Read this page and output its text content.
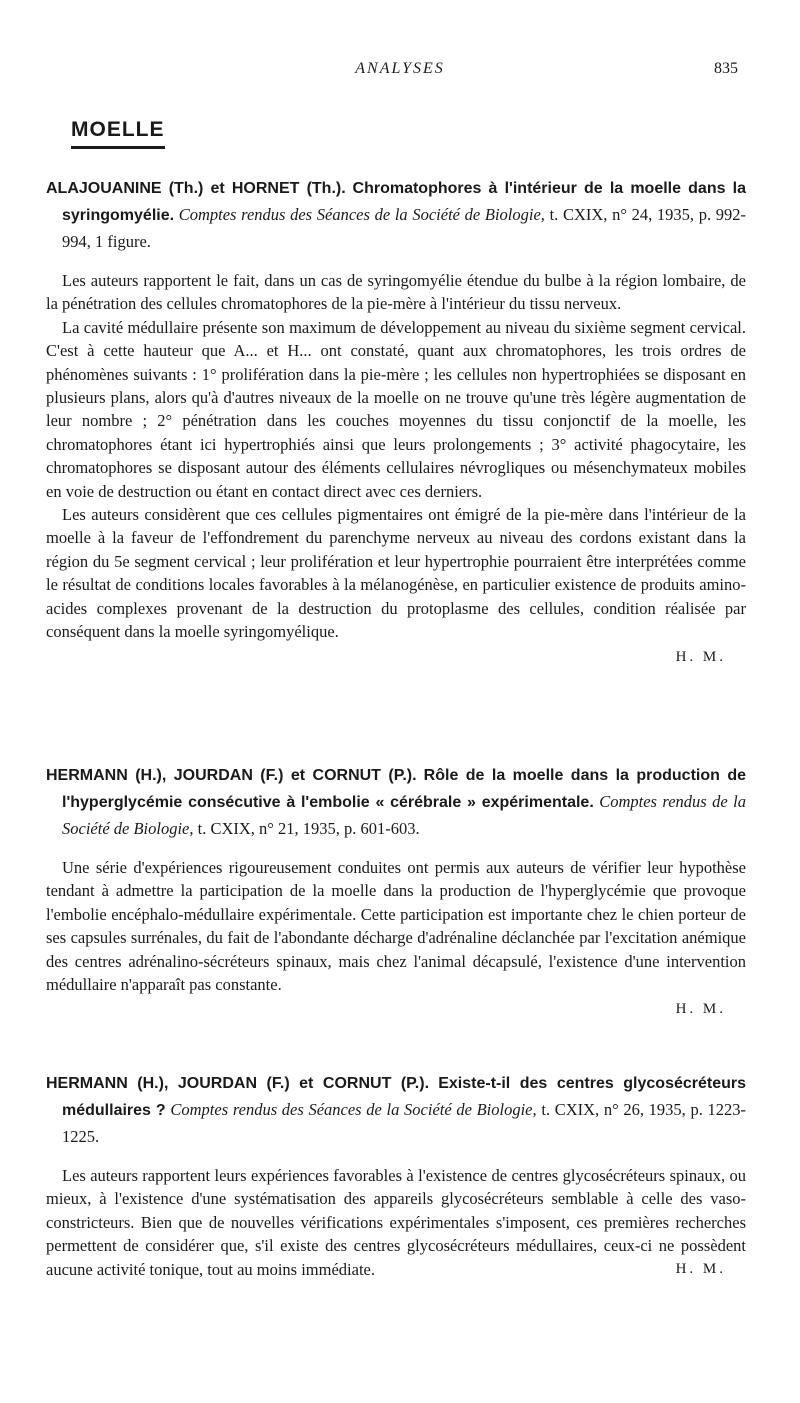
ANALYSES	835
MOELLE
ALAJOUANINE (Th.) et HORNET (Th.). Chromatophores à l'intérieur de la moelle dans la syringomyélie. Comptes rendus des Séances de la Société de Biologie, t. CXIX, n° 24, 1935, p. 992-994, 1 figure.

Les auteurs rapportent le fait, dans un cas de syringomyélie étendue du bulbe à la région lombaire, de la pénétration des cellules chromatophores de la pie-mère à l'intérieur du tissu nerveux.

La cavité médullaire présente son maximum de développement au niveau du sixième segment cervical. C'est à cette hauteur que A... et H... ont constaté, quant aux chromatophores, les trois ordres de phénomènes suivants : 1° prolifération dans la pie-mère ; les cellules non hypertrophiées se disposant en plusieurs plans, alors qu'à d'autres niveaux de la moelle on ne trouve qu'une très légère augmentation de leur nombre ; 2° pénétration dans les couches moyennes du tissu conjonctif de la moelle, les chromatophores étant ici hypertrophiés ainsi que leurs prolongements ; 3° activité phagocytaire, les chromatophores se disposant autour des éléments cellulaires névrogliques ou mésenchymateux mobiles en voie de destruction ou étant en contact direct avec ces derniers.

Les auteurs considèrent que ces cellules pigmentaires ont émigré de la pie-mère dans l'intérieur de la moelle à la faveur de l'effondrement du parenchyme nerveux au niveau des cordons existant dans la région du 5e segment cervical ; leur prolifération et leur hypertrophie pourraient être interprétées comme le résultat de conditions locales favorables à la mélanogénèse, en particulier existence de produits amino-acides complexes provenant de la destruction du protoplasme des cellules, condition réalisée par conséquent dans la moelle syringomyélique.

H. M.
HERMANN (H.), JOURDAN (F.) et CORNUT (P.). Rôle de la moelle dans la production de l'hyperglycémie consécutive à l'embolie « cérébrale » expérimentale. Comptes rendus de la Société de Biologie, t. CXIX, n° 21, 1935, p. 601-603.

Une série d'expériences rigoureusement conduites ont permis aux auteurs de vérifier leur hypothèse tendant à admettre la participation de la moelle dans la production de l'hyperglycémie que provoque l'embolie encéphalo-médullaire expérimentale. Cette participation est importante chez le chien porteur de ses capsules surrénales, du fait de l'abondante décharge d'adrénaline déclanchée par l'excitation anémique des centres adrénalino-sécréteurs spinaux, mais chez l'animal décapsulé, l'existence d'une intervention médullaire n'apparaît pas constante.

H. M.
HERMANN (H.), JOURDAN (F.) et CORNUT (P.). Existe-t-il des centres glycosécréteurs médullaires ? Comptes rendus des Séances de la Société de Biologie, t. CXIX, n° 26, 1935, p. 1223-1225.

Les auteurs rapportent leurs expériences favorables à l'existence de centres glycosécréteurs spinaux, ou mieux, à l'existence d'une systématisation des appareils glycosécréteurs semblable à celle des vaso-constricteurs. Bien que de nouvelles vérifications expérimentales s'imposent, ces premières recherches permettent de considérer que, s'il existe des centres glycosécréteurs médullaires, ceux-ci ne possèdent aucune activité tonique, tout au moins immédiate.	H. M.
